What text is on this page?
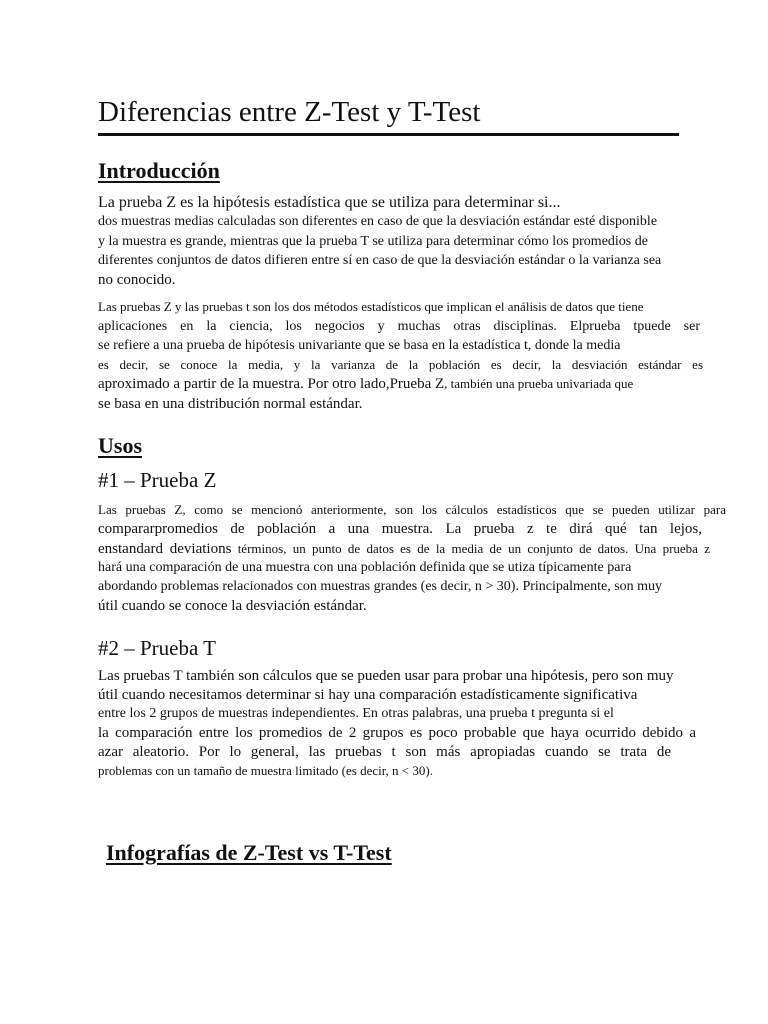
Diferencias entre Z-Test y T-Test
Introducción
La prueba Z es la hipótesis estadística que se utiliza para determinar si...
dos muestras medias calculadas son diferentes en caso de que la desviación estándar esté disponible
y la muestra es grande, mientras que la prueba T se utiliza para determinar cómo los promedios de
diferentes conjuntos de datos difieren entre sí en caso de que la desviación estándar o la varianza sea
no conocido.
Las pruebas Z y las pruebas t son los dos métodos estadísticos que implican el análisis de datos que tiene
aplicaciones en la ciencia, los negocios y muchas otras disciplinas. Elprueba tpuede ser
se refiere a una prueba de hipótesis univariante que se basa en la estadística t, donde la media
es decir, se conoce la media, y la varianza de la población es decir, la desviación estándar es
aproximado a partir de la muestra. Por otro lado,Prueba Z, también una prueba univariada que
se basa en una distribución normal estándar.
Usos
#1 – Prueba Z
Las pruebas Z, como se mencionó anteriormente, son los cálculos estadísticos que se pueden utilizar para
compararpromedios de población a una muestra. La prueba z te dirá qué tan lejos,
enstandard deviations términos, un punto de datos es de la media de un conjunto de datos. Una prueba z
hará una comparación de una muestra con una población definida que se utiza típicamente para
abordando problemas relacionados con muestras grandes (es decir, n > 30). Principalmente, son muy
útil cuando se conoce la desviación estándar.
#2 – Prueba T
Las pruebas T también son cálculos que se pueden usar para probar una hipótesis, pero son muy
útil cuando necesitamos determinar si hay una comparación estadísticamente significativa
entre los 2 grupos de muestras independientes. En otras palabras, una prueba t pregunta si el
la comparación entre los promedios de 2 grupos es poco probable que haya ocurrido debido a
azar aleatorio. Por lo general, las pruebas t son más apropiadas cuando se trata de
problemas con un tamaño de muestra limitado (es decir, n < 30).
Infografías de Z-Test vs T-Test
